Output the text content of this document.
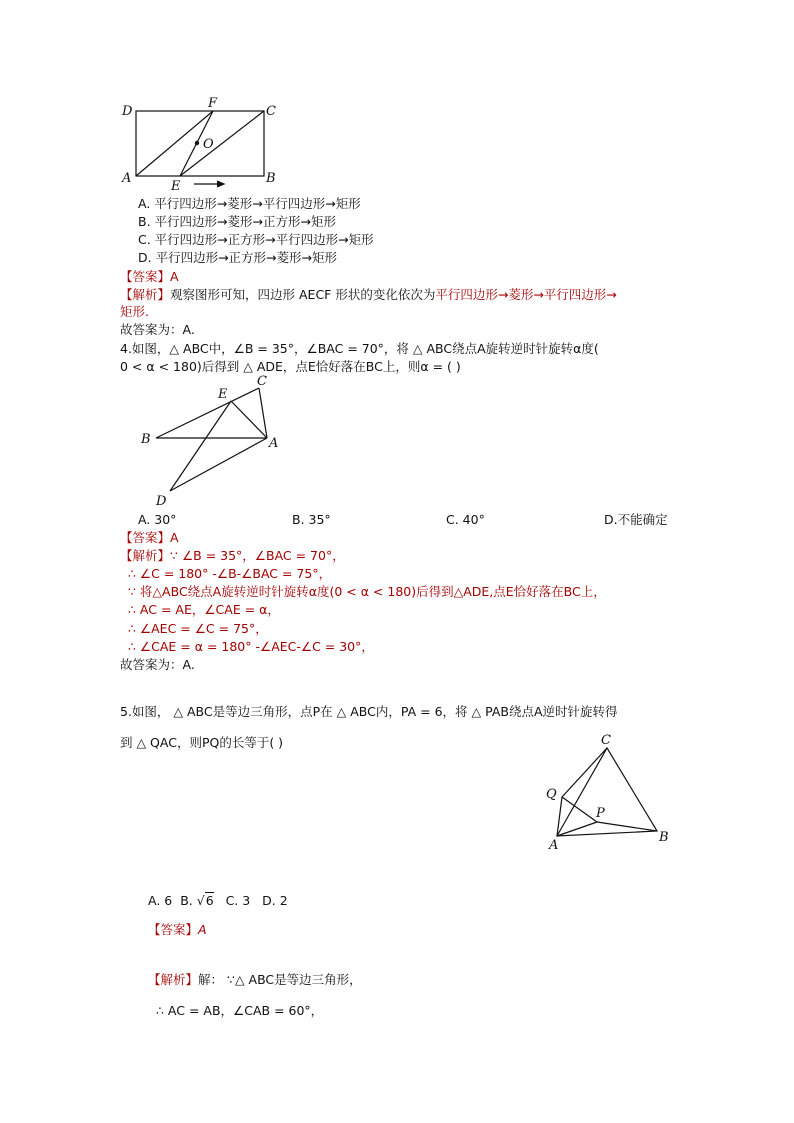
D
F
C
O
A
E
B
A. 平行四边形→菱形→平行四边形→矩形
B. 平行四边形→菱形→正方形→矩形
C. 平行四边形→正方形→平行四边形→矩形
D. 平行四边形→正方形→菱形→矩形
【答案】A
【解析】观察图形可知，四边形 AECF 形状的变化依次为平行四边形→菱形→平行四边形→
矩形.
故答案为：A.
4.如图，△ ABC中，∠B = 35°，∠BAC = 70°，将 △ ABC绕点A旋转逆时针旋转α度(
0 < α < 180)后得到 △ ADE，点E恰好落在BC上，则α = ( )
E
C
B	A
D
A. 30°	B. 35°	C. 40°	D.不能确定
【答案】A
【解析】∵ ∠B = 35°，∠BAC = 70°，
∴ ∠C = 180° -∠B-∠BAC = 75°，
∵ 将△ABC绕点A旋转逆时针旋转α度(0 < α < 180)后得到△ADE,点E恰好落在BC上，
∴ AC = AE，∠CAE = α，
∴ ∠AEC = ∠C = 75°，
∴ ∠CAE = α = 180° -∠AEC-∠C = 30°，
故答案为：A.
5.如图， △ ABC是等边三角形，点P在 △ ABC内，PA = 6，将 △ PAB绕点A逆时针旋转得
到 △ QAC，则PQ的长等于( )	C
Q
P
A
B
A. 6 B. √6 C. 3 D. 2
【答案】A
【解析】解： ∵△ ABC是等边三角形，
∴ AC = AB，∠CAB = 60°，
